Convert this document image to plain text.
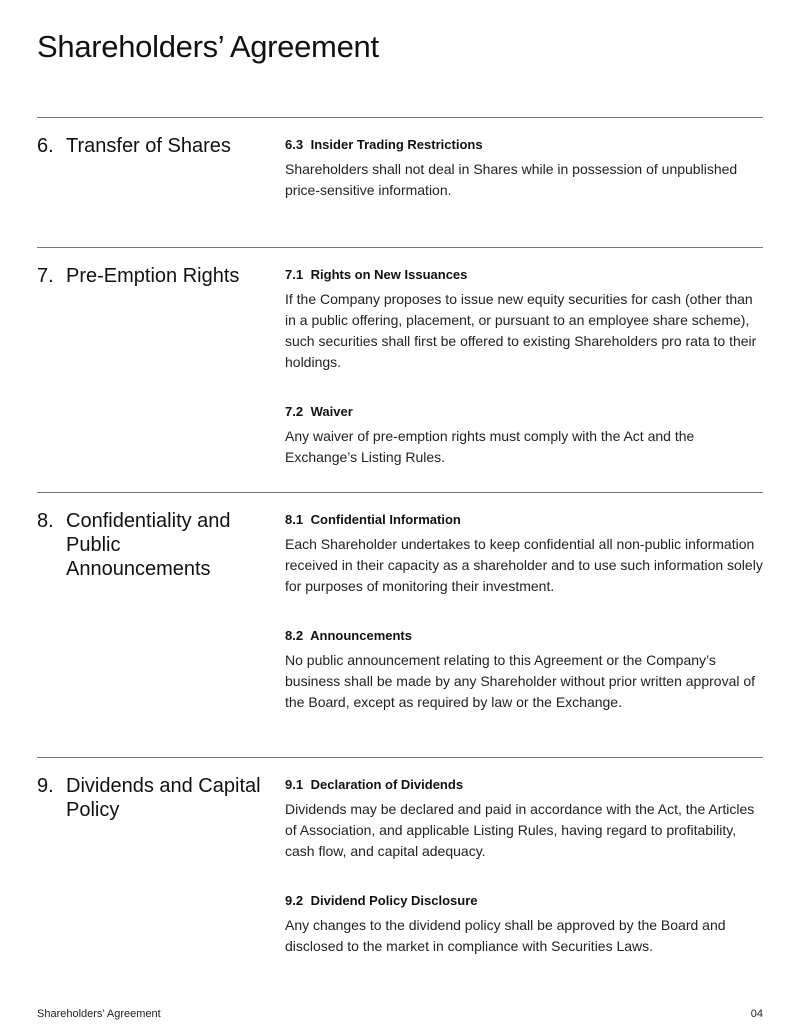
Shareholders’ Agreement
6. Transfer of Shares	6.3 Insider Trading Restrictions
Shareholders shall not deal in Shares while in possession of unpublished price-sensitive information.
7. Pre-Emption Rights	7.1 Rights on New Issuances
If the Company proposes to issue new equity securities for cash (other than in a public offering, placement, or pursuant to an employee share scheme), such securities shall first be offered to existing Shareholders pro rata to their holdings.
7.2 Waiver
Any waiver of pre-emption rights must comply with the Act and the Exchange’s Listing Rules.
8. Confidentiality and Public Announcements
8.1 Confidential Information
Each Shareholder undertakes to keep confidential all non-public information received in their capacity as a shareholder and to use such information solely for purposes of monitoring their investment.
8.2 Announcements
No public announcement relating to this Agreement or the Company’s business shall be made by any Shareholder without prior written approval of the Board, except as required by law or the Exchange.
9. Dividends and Capital Policy
9.1 Declaration of Dividends
Dividends may be declared and paid in accordance with the Act, the Articles of Association, and applicable Listing Rules, having regard to profitability, cash flow, and capital adequacy.
9.2 Dividend Policy Disclosure
Any changes to the dividend policy shall be approved by the Board and disclosed to the market in compliance with Securities Laws.
Shareholders’ Agreement	04
